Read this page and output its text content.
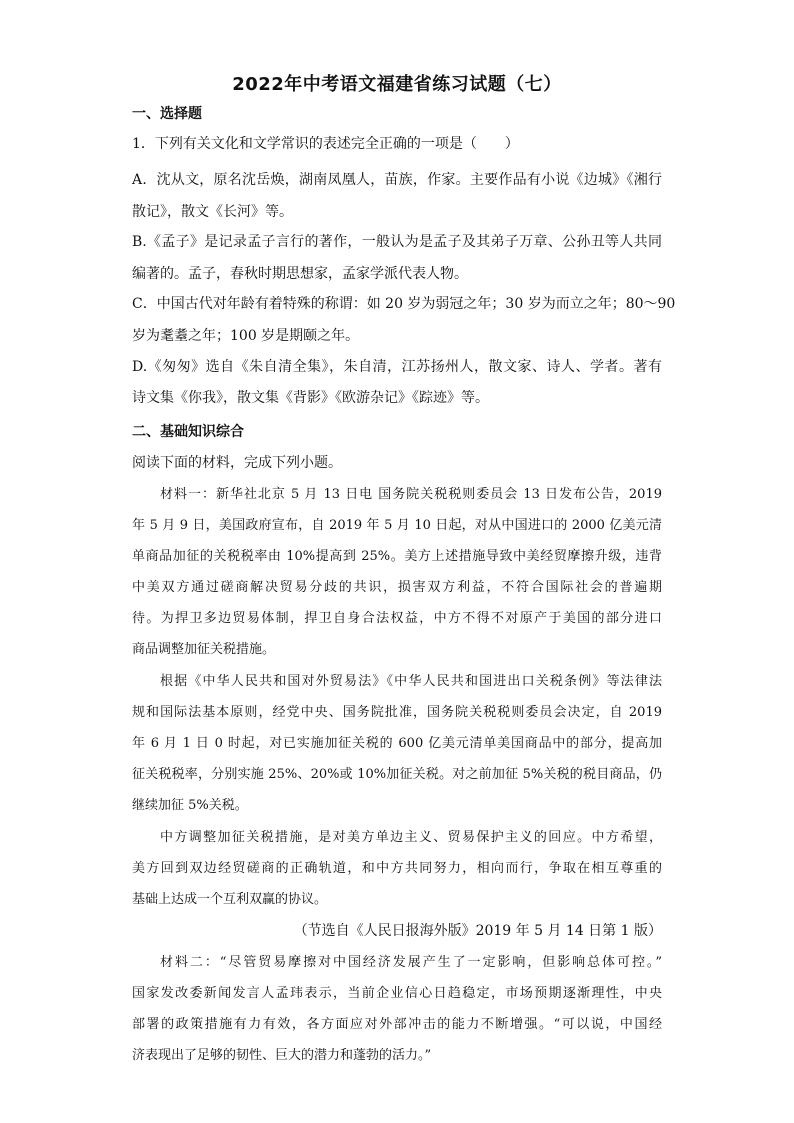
2022年中考语文福建省练习试题（七）
一、选择题
1．下列有关文化和文学常识的表述完全正确的一项是（　　）
A．沈从文，原名沈岳焕，湖南凤凰人，苗族，作家。主要作品有小说《边城》《湘行
散记》，散文《长河》等。
B.《孟子》是记录孟子言行的著作，一般认为是孟子及其弟子万章、公孙丑等人共同
编著的。孟子，春秋时期思想家，孟家学派代表人物。
C．中国古代对年龄有着特殊的称谓：如 20 岁为弱冠之年；30 岁为而立之年；80～90
岁为耄耋之年；100 岁是期颐之年。
D.《匆匆》选自《朱自清全集》，朱自清，江苏扬州人，散文家、诗人、学者。著有
诗文集《你我》，散文集《背影》《欧游杂记》《踪迹》等。
二、基础知识综合
阅读下面的材料，完成下列小题。
材料一：新华社北京 5 月 13 日电 国务院关税税则委员会 13 日发布公告，2019
年 5 月 9 日，美国政府宣布，自 2019 年 5 月 10 日起，对从中国进口的 2000 亿美元清
单商品加征的关税税率由 10%提高到 25%。美方上述措施导致中美经贸摩擦升级，违背
中美双方通过磋商解决贸易分歧的共识，损害双方利益，不符合国际社会的普遍期
待。为捍卫多边贸易体制，捍卫自身合法权益，中方不得不对原产于美国的部分进口
商品调整加征关税措施。
根据《中华人民共和国对外贸易法》《中华人民共和国进出口关税条例》等法律法
规和国际法基本原则，经党中央、国务院批准，国务院关税税则委员会决定，自 2019
年 6 月 1 日 0 时起，对已实施加征关税的 600 亿美元清单美国商品中的部分，提高加
征关税税率，分别实施 25%、20%或 10%加征关税。对之前加征 5%关税的税目商品，仍
继续加征 5%关税。
中方调整加征关税措施，是对美方单边主义、贸易保护主义的回应。中方希望，
美方回到双边经贸磋商的正确轨道，和中方共同努力，相向而行，争取在相互尊重的
基础上达成一个互利双赢的协议。
（节选自《人民日报海外版》2019 年 5 月 14 日第 1 版）
材料二：“尽管贸易摩擦对中国经济发展产生了一定影响，但影响总体可控。”
国家发改委新闻发言人孟玮表示，当前企业信心日趋稳定，市场预期逐渐理性，中央
部署的政策措施有力有效，各方面应对外部冲击的能力不断增强。“可以说，中国经
济表现出了足够的韧性、巨大的潜力和蓬勃的活力。”
